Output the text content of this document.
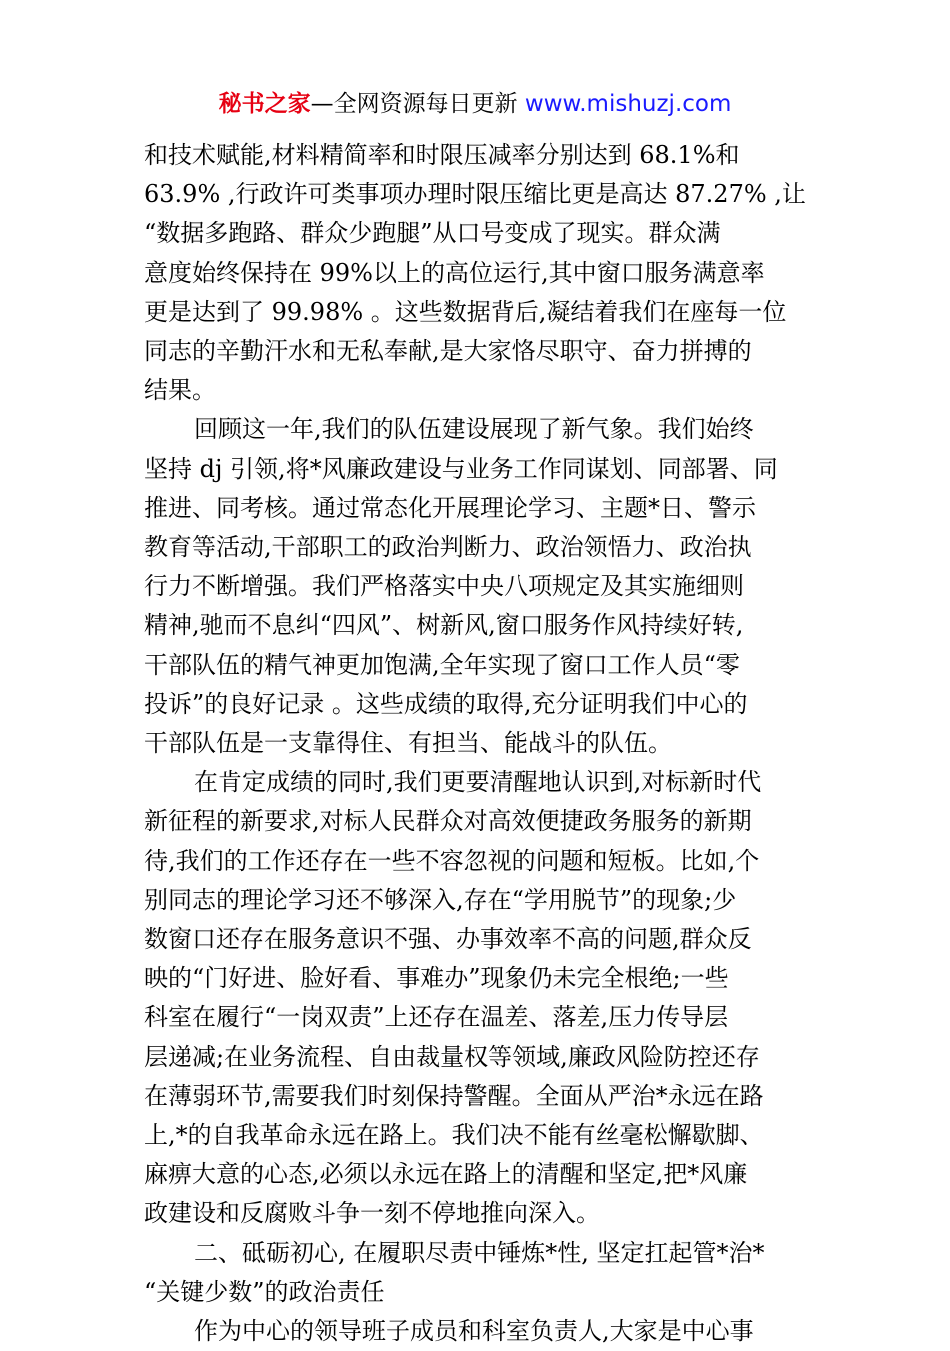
秘书之家—全网资源每日更新 www.mishuzj.com
和技术赋能,材料精简率和时限压减率分别达到 68.1%和
63.9% ,行政许可类事项办理时限压缩比更是高达 87.27% ,让
“数据多跑路、群众少跑腿”从口号变成了现实。群众满
意度始终保持在 99%以上的高位运行,其中窗口服务满意率
更是达到了 99.98% 。这些数据背后,凝结着我们在座每一位
同志的辛勤汗水和无私奉献,是大家恪尽职守、奋力拼搏的
结果。
回顾这一年,我们的队伍建设展现了新气象。我们始终
坚持 dj 引领,将*风廉政建设与业务工作同谋划、同部署、同
推进、同考核。通过常态化开展理论学习、主题*日、警示
教育等活动,干部职工的政治判断力、政治领悟力、政治执
行力不断增强。我们严格落实中央八项规定及其实施细则
精神,驰而不息纠“四风”、树新风,窗口服务作风持续好转,
干部队伍的精气神更加饱满,全年实现了窗口工作人员“零
投诉”的良好记录 。这些成绩的取得,充分证明我们中心的
干部队伍是一支靠得住、有担当、能战斗的队伍。
在肯定成绩的同时,我们更要清醒地认识到,对标新时代
新征程的新要求,对标人民群众对高效便捷政务服务的新期
待,我们的工作还存在一些不容忽视的问题和短板。比如,个
别同志的理论学习还不够深入,存在“学用脱节”的现象;少
数窗口还存在服务意识不强、办事效率不高的问题,群众反
映的“门好进、脸好看、事难办”现象仍未完全根绝;一些
科室在履行“一岗双责”上还存在温差、落差,压力传导层
层递减;在业务流程、自由裁量权等领域,廉政风险防控还存
在薄弱环节,需要我们时刻保持警醒。全面从严治*永远在路
上,*的自我革命永远在路上。我们决不能有丝毫松懈歇脚、
麻痹大意的心态,必须以永远在路上的清醒和坚定,把*风廉
政建设和反腐败斗争一刻不停地推向深入。
二、砥砺初心, 在履职尽责中锤炼*性, 坚定扛起管*治*
“关键少数”的政治责任
作为中心的领导班子成员和科室负责人,大家是中心事
